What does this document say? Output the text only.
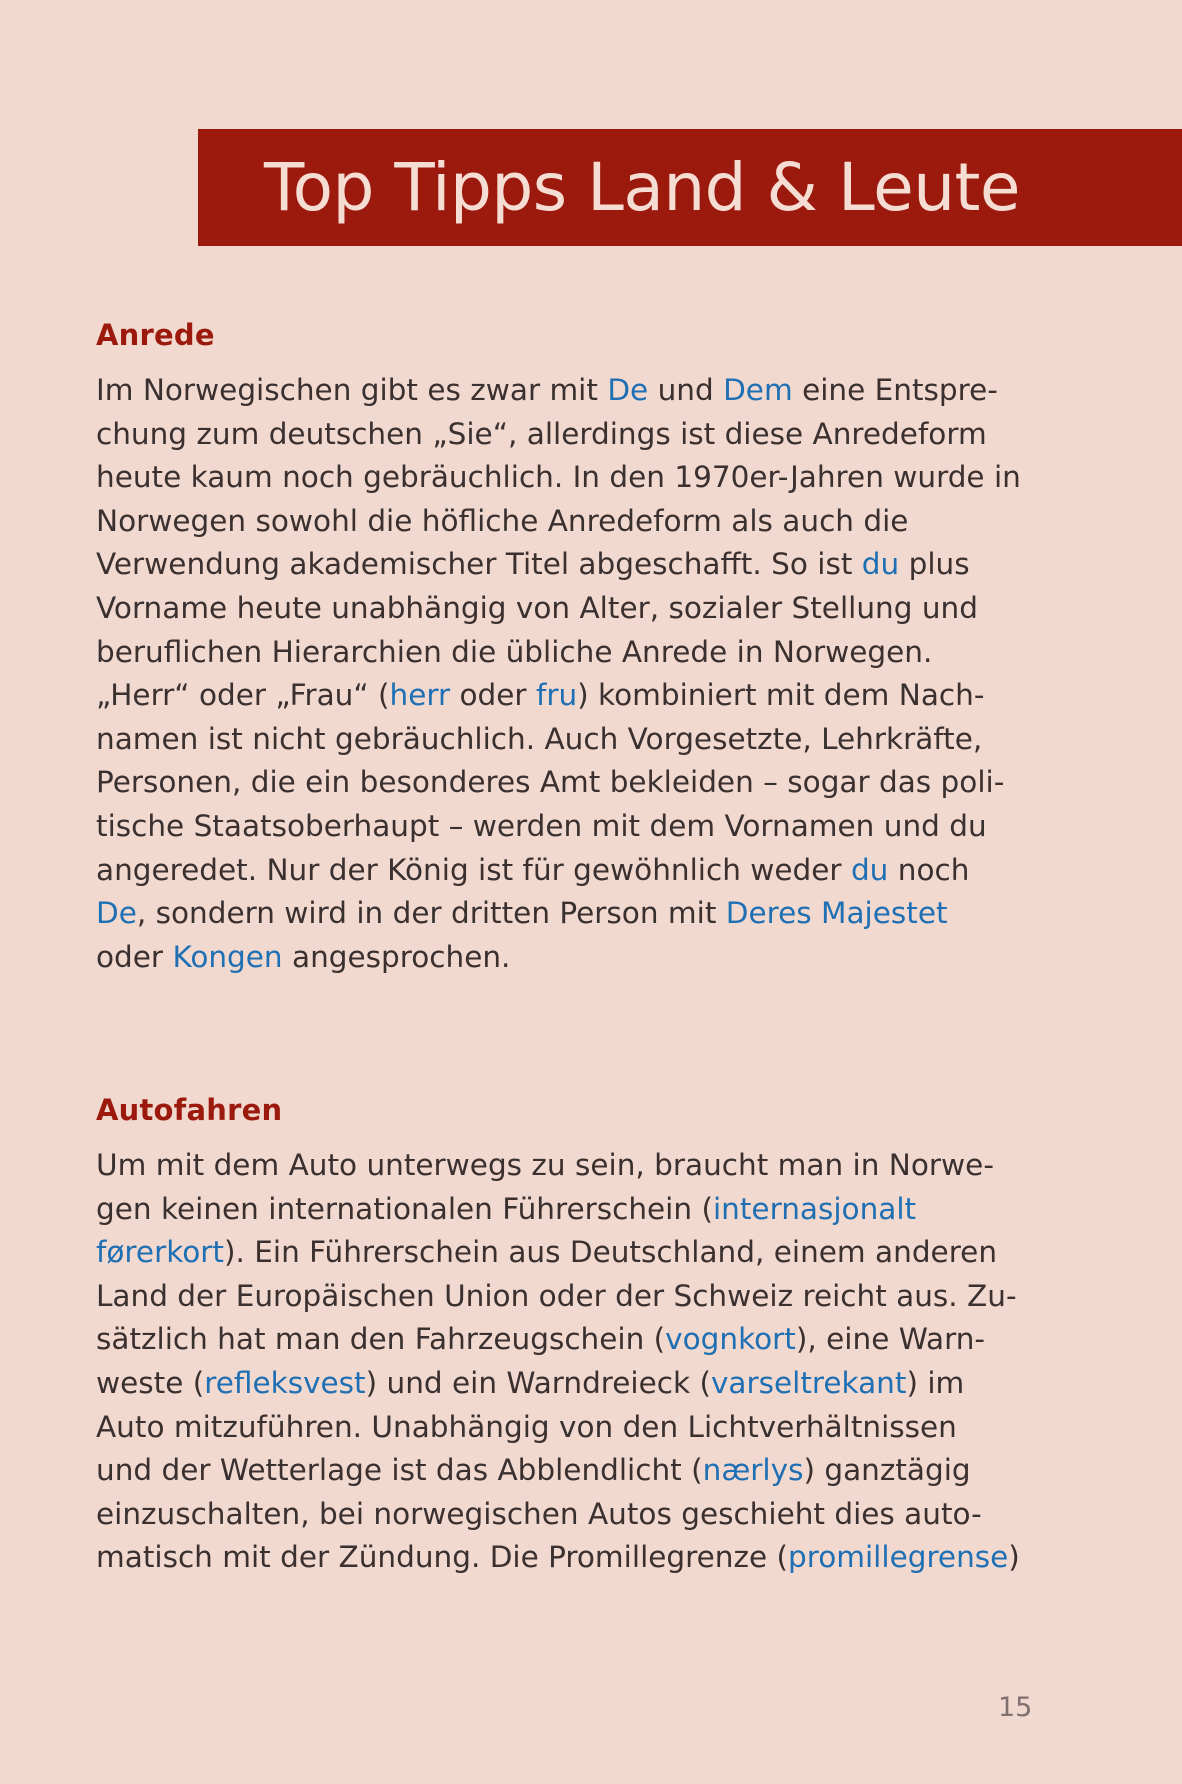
Top Tipps Land & Leute
Anrede
Im Norwegischen gibt es zwar mit De und Dem eine Entspre-
chung zum deutschen „Sie“, allerdings ist diese Anredeform
heute kaum noch gebräuchlich. In den 1970er-Jahren wurde in
Norwegen sowohl die höfliche Anredeform als auch die
Verwendung akademischer Titel abgeschafft. So ist du plus
Vorname heute unabhängig von Alter, sozialer Stellung und
beruflichen Hierarchien die übliche Anrede in Norwegen.
„Herr“ oder „Frau“ (herr oder fru) kombiniert mit dem Nach-
namen ist nicht gebräuchlich. Auch Vorgesetzte, Lehrkräfte,
Personen, die ein besonderes Amt bekleiden – sogar das poli-
tische Staatsoberhaupt – werden mit dem Vornamen und du
angeredet. Nur der König ist für gewöhnlich weder du noch
De, sondern wird in der dritten Person mit Deres Majestet
oder Kongen angesprochen.
Autofahren
Um mit dem Auto unterwegs zu sein, braucht man in Norwe-
gen keinen internationalen Führerschein (internasjonalt
førerkort). Ein Führerschein aus Deutschland, einem anderen
Land der Europäischen Union oder der Schweiz reicht aus. Zu-
sätzlich hat man den Fahrzeugschein (vognkort), eine Warn-
weste (refleksvest) und ein Warndreieck (varseltrekant) im
Auto mitzuführen. Unabhängig von den Lichtverhältnissen
und der Wetterlage ist das Abblendlicht (nærlys) ganztägig
einzuschalten, bei norwegischen Autos geschieht dies auto-
matisch mit der Zündung. Die Promillegrenze (promillegrense)
15
